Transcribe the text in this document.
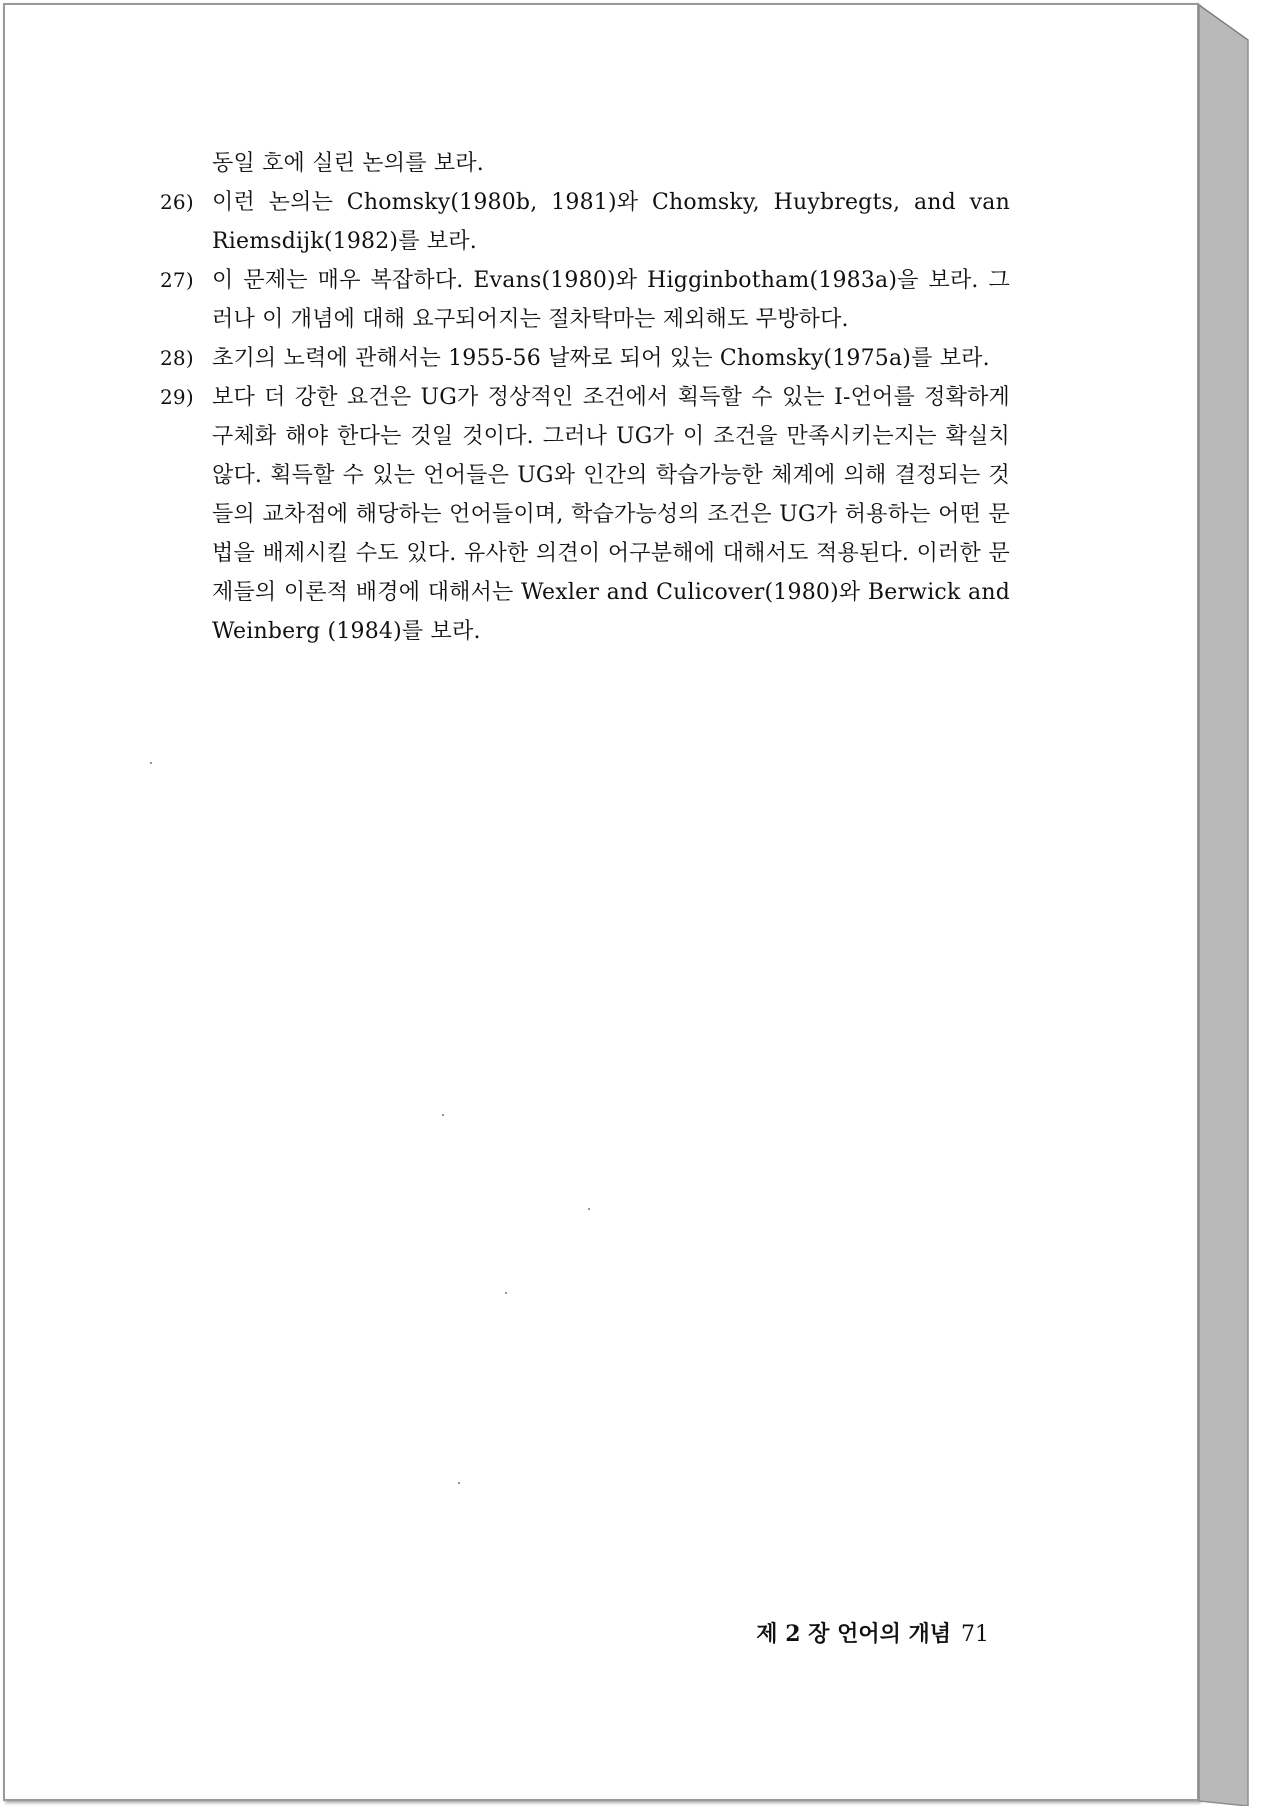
동일 호에 실린 논의를 보라.
26) 이런 논의는 Chomsky(1980b, 1981)와 Chomsky, Huybregts, and van Riemsdijk(1982)를 보라.
27) 이 문제는 매우 복잡하다. Evans(1980)와 Higginbotham(1983a)을 보라. 그러나 이 개념에 대해 요구되어지는 절차탁마는 제외해도 무방하다.
28) 초기의 노력에 관해서는 1955-56 날짜로 되어 있는 Chomsky(1975a)를 보라.
29) 보다 더 강한 요건은 UG가 정상적인 조건에서 획득할 수 있는 I-언어를 정확하게 구체화 해야 한다는 것일 것이다. 그러나 UG가 이 조건을 만족시키는지는 확실치 않다. 획득할 수 있는 언어들은 UG와 인간의 학습가능한 체계에 의해 결정되는 것들의 교차점에 해당하는 언어들이며, 학습가능성의 조건은 UG가 허용하는 어떤 문법을 배제시킬 수도 있다. 유사한 의견이 어구분해에 대해서도 적용된다. 이러한 문제들의 이론적 배경에 대해서는 Wexler and Culicover(1980)와 Berwick and Weinberg (1984)를 보라.
제 2 장 언어의 개념 71
